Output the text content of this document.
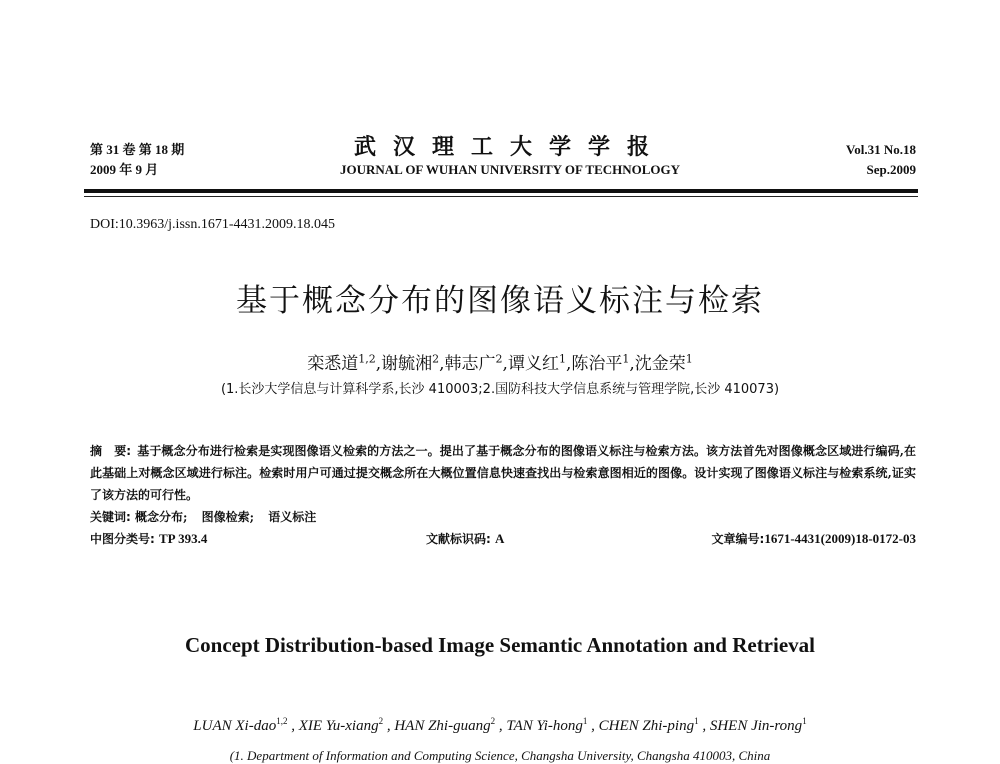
第 31 卷 第 18 期
2009 年 9 月
武汉理工大学学报
JOURNAL OF WUHAN UNIVERSITY OF TECHNOLOGY
Vol.31 No.18
Sep.2009
DOI:10.3963/j.issn.1671-4431.2009.18.045
基于概念分布的图像语义标注与检索
栾悉道$^{1,2}$,谢毓湘$^2$,韩志广$^2$,谭义红$^1$,陈治平$^1$,沈金荣$^1$
(1.长沙大学信息与计算科学系,长沙 410003;2.国防科技大学信息系统与管理学院,长沙 410073)
摘　要: 基于概念分布进行检索是实现图像语义检索的方法之一。提出了基于概念分布的图像语义标注与检索方法。该方法首先对图像概念区域进行编码,在此基础上对概念区域进行标注。检索时用户可通过提交概念所在大概位置信息快速查找出与检索意图相近的图像。设计实现了图像语义标注与检索系统,证实了该方法的可行性。
关键词: 概念分布; 图像检索; 语义标注
中图分类号: TP 393.4	文献标识码: A	文章编号:1671-4431(2009)18-0172-03
Concept Distribution-based Image Semantic Annotation and Retrieval
LUAN Xi-dao$^{1,2}$ , XIE Yu-xiang$^2$ , HAN Zhi-guang$^2$ , TAN Yi-hong$^1$ , CHEN Zhi-ping$^1$ , SHEN Jin-rong$^1$
(1. Department of Information and Computing Science, Changsha University, Changsha 410003, China
